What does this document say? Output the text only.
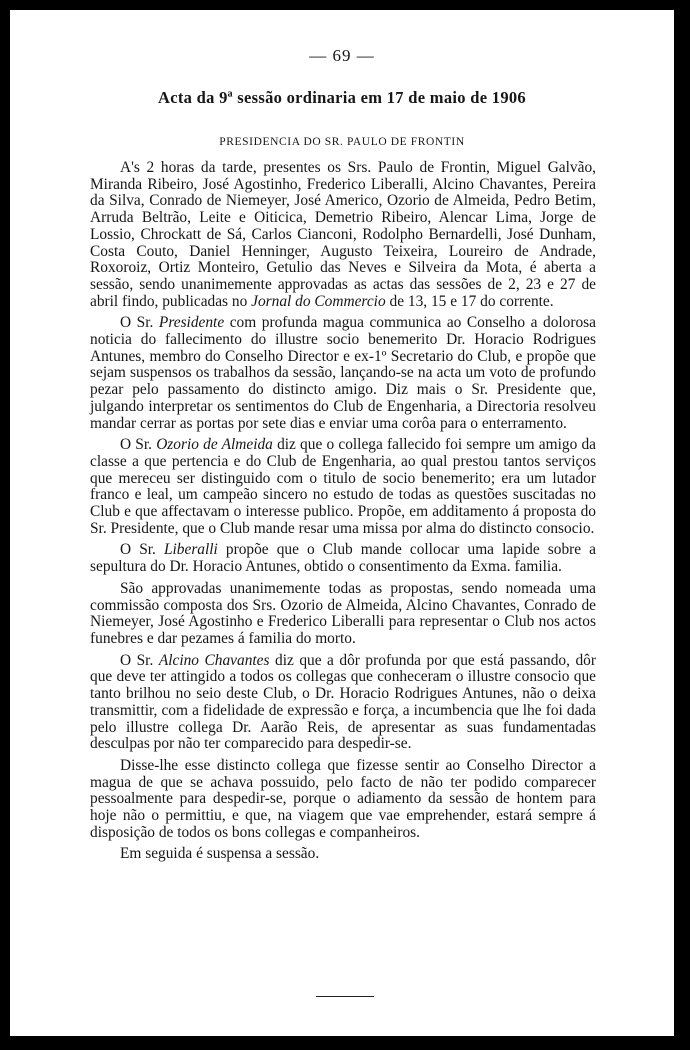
— 69 —
Acta da 9ª sessão ordinaria em 17 de maio de 1906
PRESIDENCIA DO SR. PAULO DE FRONTIN

A's 2 horas da tarde, presentes os Srs. Paulo de Frontin, Miguel Galvão, Miranda Ribeiro, José Agostinho, Frederico Liberalli, Alcino Chavantes, Pereira da Silva, Conrado de Niemeyer, José Americo, Ozorio de Almeida, Pedro Betim, Arruda Beltrão, Leite e Oiticica, Demetrio Ribeiro, Alencar Lima, Jorge de Lossio, Chrockatt de Sá, Carlos Cianconi, Rodolpho Bernardelli, José Dunham, Costa Couto, Daniel Henninger, Augusto Teixeira, Loureiro de Andrade, Roxoroiz, Ortiz Monteiro, Getulio das Neves e Silveira da Mota, é aberta a sessão, sendo unanimemente approvadas as actas das sessões de 2, 23 e 27 de abril findo, publicadas no Jornal do Commercio de 13, 15 e 17 do corrente.

O Sr. Presidente com profunda magua communica ao Conselho a dolorosa noticia do fallecimento do illustre socio benemerito Dr. Horacio Rodrigues Antunes, membro do Conselho Director e ex-1º Secretario do Club, e propõe que sejam suspensos os trabalhos da sessão, lançando-se na acta um voto de profundo pezar pelo passamento do distincto amigo. Diz mais o Sr. Presidente que, julgando interpretar os sentimentos do Club de Engenharia, a Directoria resolveu mandar cerrar as portas por sete dias e enviar uma corôa para o enterramento.

O Sr. Ozorio de Almeida diz que o collega fallecido foi sempre um amigo da classe a que pertencia e do Club de Engenharia, ao qual prestou tantos serviços que mereceu ser distinguido com o titulo de socio benemerito; era um lutador franco e leal, um campeão sincero no estudo de todas as questões suscitadas no Club e que affectavam o interesse publico. Propõe, em additamento á proposta do Sr. Presidente, que o Club mande resar uma missa por alma do distincto consocio.

O Sr. Liberalli propõe que o Club mande collocar uma lapide sobre a sepultura do Dr. Horacio Antunes, obtido o consentimento da Exma. familia.

São approvadas unanimemente todas as propostas, sendo nomeada uma commissão composta dos Srs. Ozorio de Almeida, Alcino Chavantes, Conrado de Niemeyer, José Agostinho e Frederico Liberalli para representar o Club nos actos funebres e dar pezames á familia do morto.

O Sr. Alcino Chavantes diz que a dôr profunda por que está passando, dôr que deve ter attingido a todos os collegas que conheceram o illustre consocio que tanto brilhou no seio deste Club, o Dr. Horacio Rodrigues Antunes, não o deixa transmittir, com a fidelidade de expressão e força, a incumbencia que lhe foi dada pelo illustre collega Dr. Aarão Reis, de apresentar as suas fundamentadas desculpas por não ter comparecido para despedir-se.

Disse-lhe esse distincto collega que fizesse sentir ao Conselho Director a magua de que se achava possuido, pelo facto de não ter podido comparecer pessoalmente para despedir-se, porque o adiamento da sessão de hontem para hoje não o permittiu, e que, na viagem que vae emprehender, estará sempre á disposição de todos os bons collegas e companheiros.

Em seguida é suspensa a sessão.
